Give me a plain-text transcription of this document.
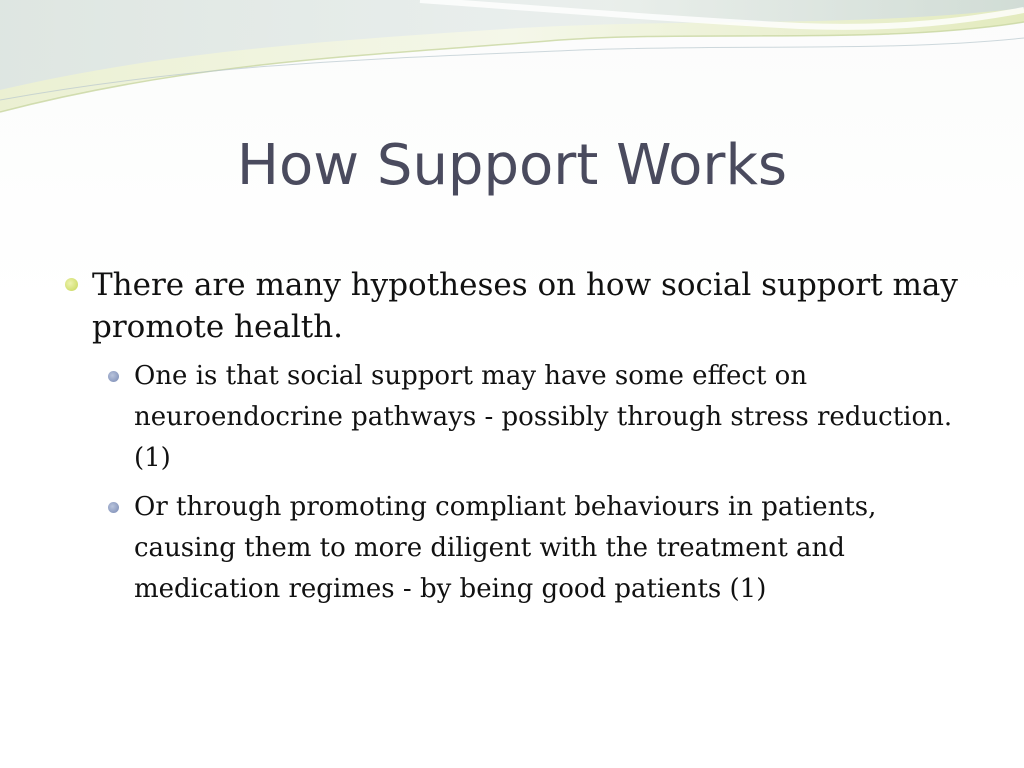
How Support Works
There are many hypotheses on how social support may promote health.
One is that social support may have some effect on neuroendocrine pathways - possibly through stress reduction. (1)
Or through promoting compliant behaviours in patients, causing them to more diligent with the treatment and medication regimes - by being good patients (1)
